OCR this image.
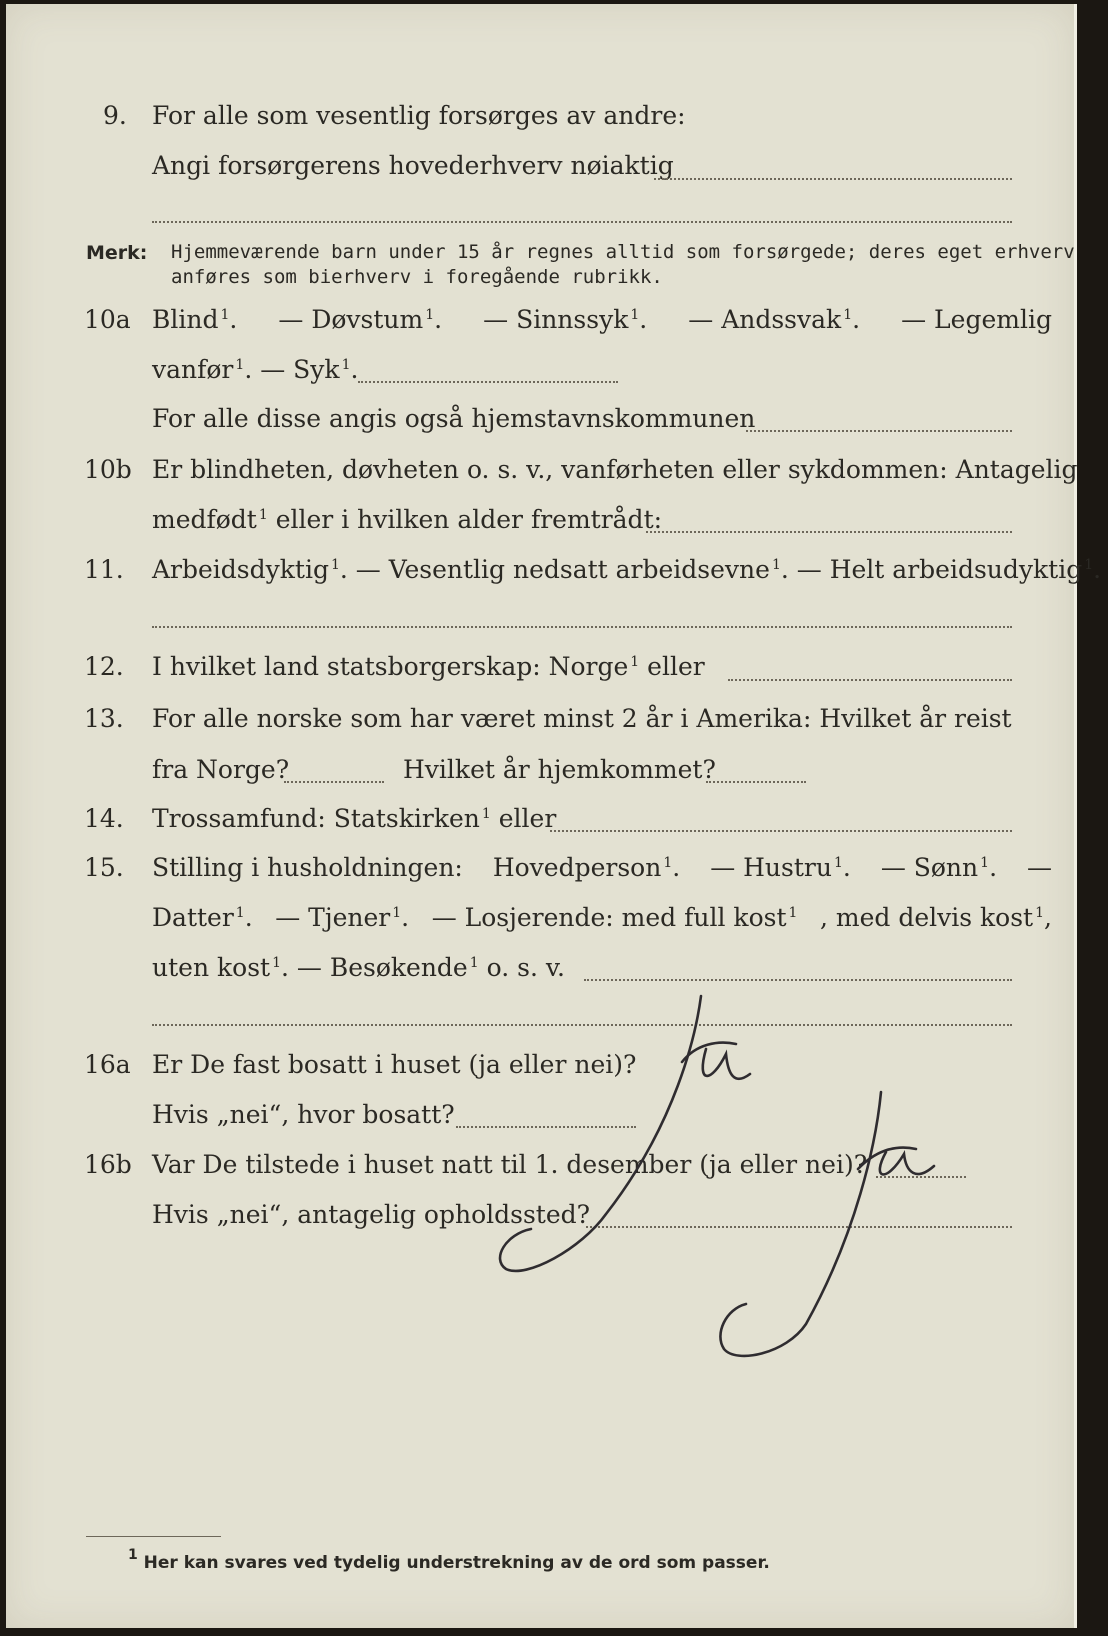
9. For alle som vesentlig forsørges av andre:
Angi forsørgerens hovederhverv nøiaktig
Merk: Hjemmeværende barn under 15 år regnes alltid som forsørgede; deres eget erhverv
anføres som bierhverv i foregående rubrikk.
10a Blind $^1$. — Døvstum $^1$. — Sinnssyk $^1$. — Andssvak $^1$. — Legemlig
vanfør $^1$. — Syk $^1$.
For alle disse angis også hjemstavnskommunen
10b Er blindheten, døvheten o. s. v., vanførheten eller sykdommen: Antagelig
medfødt $^1$ eller i hvilken alder fremtrådt:
11. Arbeidsdyktig $^1$. — Vesentlig nedsatt arbeidsevne $^1$. — Helt arbeidsudyktig $^1$.
12. I hvilket land statsborgerskap: Norge $^1$ eller
13. For alle norske som har været minst 2 år i Amerika: Hvilket år reist
fra Norge?	Hvilket år hjemkommet?
14. Trossamfund: Statskirken $^1$ eller
15. Stilling i husholdningen: Hovedperson $^1$. — Hustru $^1$. — Sønn $^1$. —
Datter $^1$. — Tjener $^1$. — Losjerende: med full kost $^1$ , med delvis kost $^1$,
uten kost $^1$. — Besøkende $^1$ o. s. v.
16a Er De fast bosatt i huset (ja eller nei)?
Hvis „nei“, hvor bosatt?
16b Var De tilstede i huset natt til 1. desember (ja eller nei)?
Hvis „nei“, antagelig opholdssted?
$^1$ Her kan svares ved tydelig understrekning av de ord som passer.
